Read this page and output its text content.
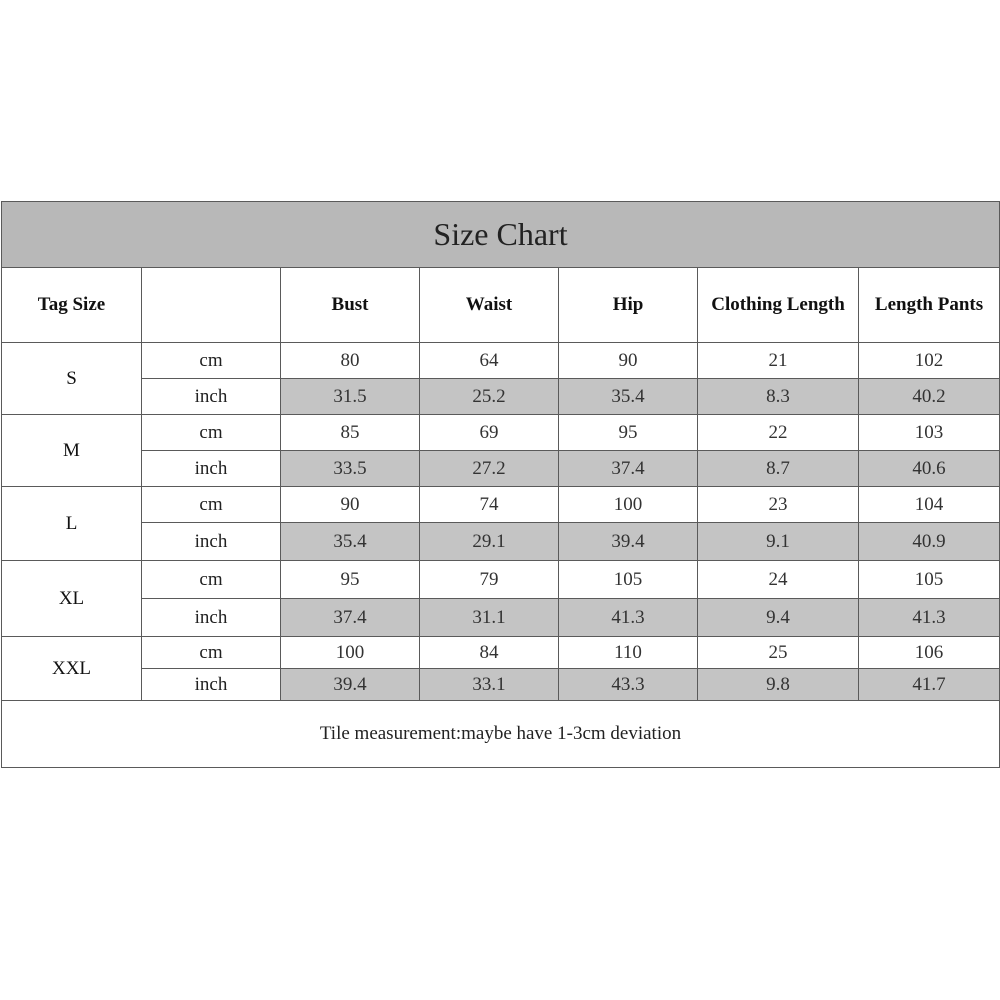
Size Chart						
Tag Size		Bust	Waist	Hip	Clothing Length	Length Pants
S	cm	80	64	90	21	102
	inch	31.5	25.2	35.4	8.3	40.2
M	cm	85	69	95	22	103
	inch	33.5	27.2	37.4	8.7	40.6
L	cm	90	74	100	23	104
	inch	35.4	29.1	39.4	9.1	40.9
XL	cm	95	79	105	24	105
	inch	37.4	31.1	41.3	9.4	41.3
XXL	cm	100	84	110	25	106
	inch	39.4	33.1	43.3	9.8	41.7
Tile measurement:maybe have 1-3cm deviation						
